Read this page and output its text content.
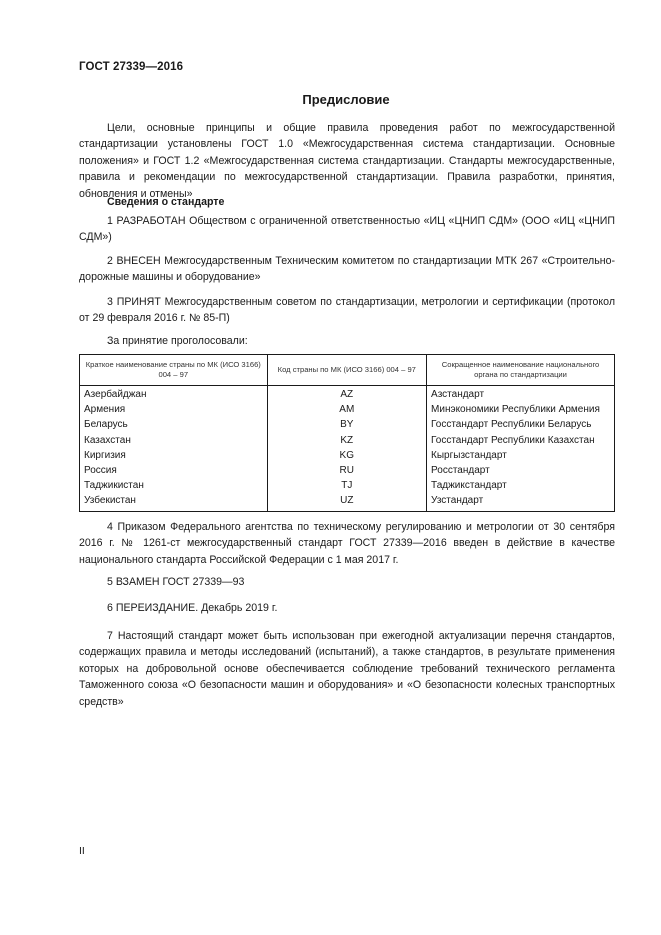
ГОСТ 27339—2016
Предисловие

Цели, основные принципы и общие правила проведения работ по межгосударственной стандартизации установлены ГОСТ 1.0 «Межгосударственная система стандартизации. Основные положения» и ГОСТ 1.2 «Межгосударственная система стандартизации. Стандарты межгосударственные, правила и рекомендации по межгосударственной стандартизации. Правила разработки, принятия, обновления и отмены»

Сведения о стандарте

1 РАЗРАБОТАН Обществом с ограниченной ответственностью «ИЦ «ЦНИП СДМ» (ООО «ИЦ «ЦНИП СДМ»)

2 ВНЕСЕН Межгосударственным Техническим комитетом по стандартизации МТК 267 «Строительно-дорожные машины и оборудование»

3 ПРИНЯТ Межгосударственным советом по стандартизации, метрологии и сертификации (протокол от 29 февраля 2016 г. № 85-П)

За принятие проголосовали:

Краткое наименование страны по МК (ИСО 3166) 004 – 97	Код страны по МК (ИСО 3166) 004 – 97	Сокращенное наименование национального органа по стандартизации
Азербайджан	AZ	Азстандарт
Армения	AM	Минэкономики Республики Армения
Беларусь	BY	Госстандарт Республики Беларусь
Казахстан	KZ	Госстандарт Республики Казахстан
Киргизия	KG	Кыргызстандарт
Россия	RU	Росстандарт
Таджикистан	TJ	Таджикстандарт
Узбекистан	UZ	Узстандарт

4 Приказом Федерального агентства по техническому регулированию и метрологии от 30 сентября 2016 г. № 1261-ст межгосударственный стандарт ГОСТ 27339—2016 введен в действие в качестве национального стандарта Российской Федерации с 1 мая 2017 г.

5 ВЗАМЕН ГОСТ 27339—93

6 ПЕРЕИЗДАНИЕ. Декабрь 2019 г.

7 Настоящий стандарт может быть использован при ежегодной актуализации перечня стандартов, содержащих правила и методы исследований (испытаний), а также стандартов, в результате применения которых на добровольной основе обеспечивается соблюдение требований технического регламента Таможенного союза «О безопасности машин и оборудования» и «О безопасности колесных транспортных средств»

II
